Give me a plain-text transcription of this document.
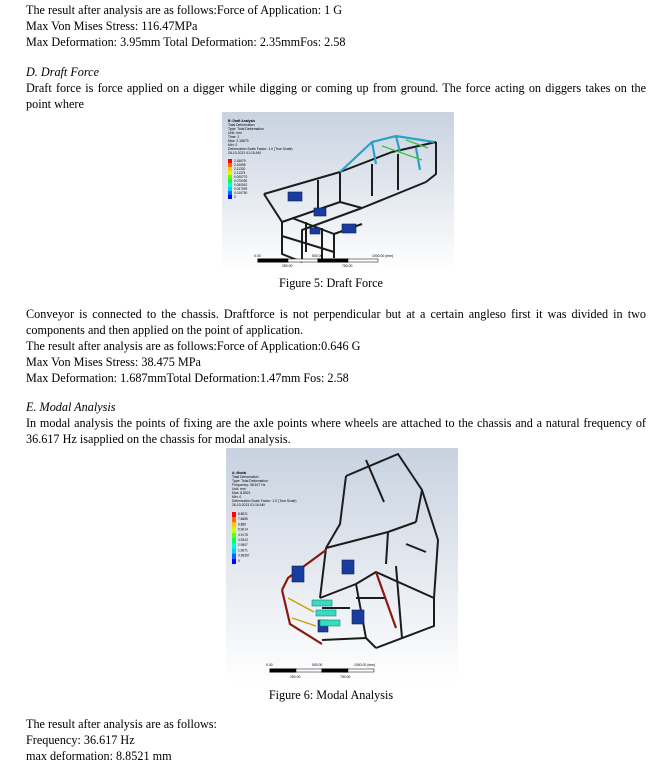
The result after analysis are as follows:Force of Application: 1 G

Max Von Mises Stress: 116.47MPa

Max Deformation: 3.95mm Total Deformation: 2.35mmFos: 2.58

D. Draft Force

Draft force is force applied on a digger while digging or coming up from ground. The force acting on diggers takes on the point where

B: Draft Analysis
Total Deformation
Type: Total Deformation
Unit: mm
Time: 1
Max: 2.18679
Min: 0
Deformation Scale Factor: 1.0 (True Scale)
26-10-2021 01:15 AM
2.18679
2.10698
2.11320
2.11375
0.005770
0.075050
0.050542
0.037599
0.016750
0
0.00	500.00	1000.00 (mm)
250.00	750.00
Figure 5: Draft Force

Conveyor is connected to the chassis. Draftforce is not perpendicular but at a certain angleso first it was divided in two components and then applied on the point of application.

The result after analysis are as follows:Force of Application:0.646 G

Max Von Mises Stress: 38.475 MPa

Max Deformation: 1.687mmTotal Deformation:1.47mm Fos: 2.58

E. Modal Analysis

In modal analysis the points of fixing are the axle points where wheels are attached to the chassis and a natural frequency of 36.617 Hz isapplied on the chassis for modal analysis.

A: Modal
Total Deformation
Type: Total Deformation
Frequency: 36.617 Hz
Unit: mm
Max: 8.8521
Min: 0
Deformation Scale Factor: 1.0 (True Scale)
26-10-2021 01:16 AM
8.8521
7.8685
6.885
5.9014
4.9178
3.9343
2.9507
1.9671
0.98357
0
0.00	500.00	1000.00 (mm)
250.00	750.00
Figure 6: Modal Analysis

The result after analysis are as follows:

Frequency: 36.617 Hz

max deformation: 8.8521 mm
